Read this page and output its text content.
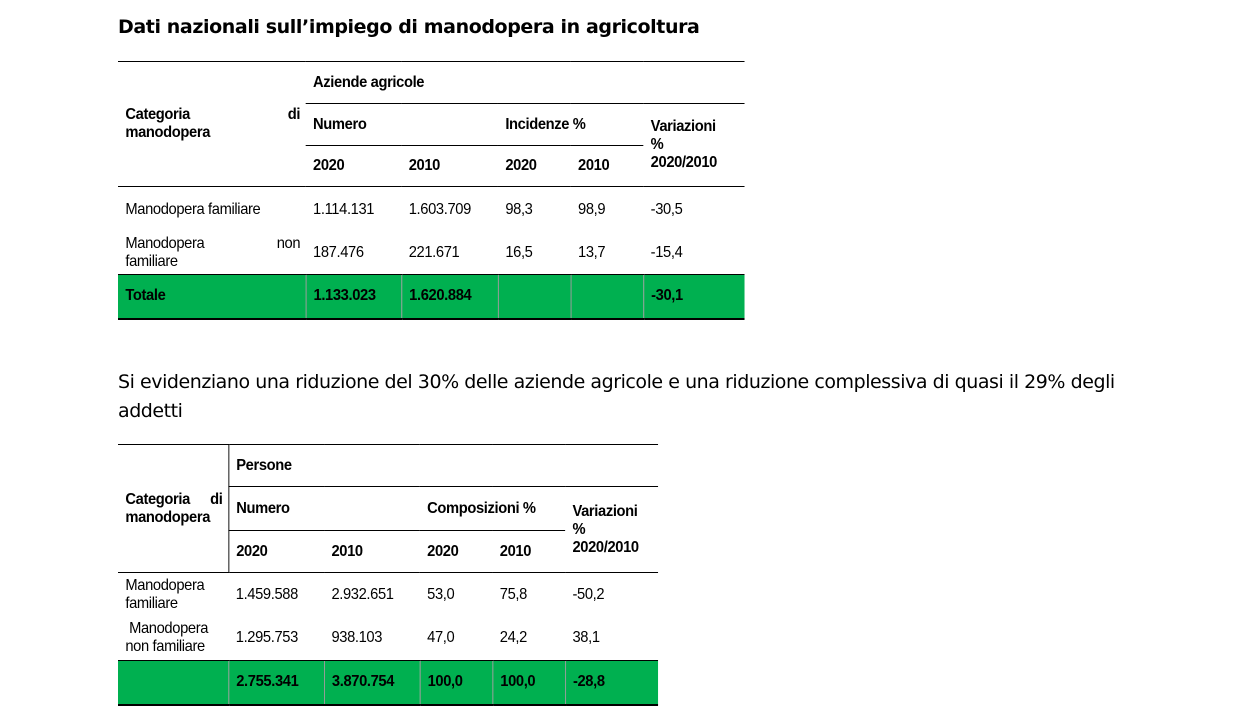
Dati nazionali sull’impiego di manodopera in agricoltura
Categoria di
manodopera	Aziende agricole				
	Numero		Incidenze %		Variazioni
%
2020/2010

	2020	2010	2020	2010	
Manodopera familiare	1.114.131	1.603.709	98,3	98,9	-30,5

Manodopera non
familiare	187.476	221.671	16,5	13,7	-15,4
Totale	1.133.023	1.620.884			-30,1
Si evidenziano una riduzione del 30% delle aziende agricole e una riduzione complessiva di quasi il 29% degli addetti
Categoria di
manodopera	Persone				
	Numero		Composizioni %		Variazioni
%
2020/2010

	2020	2010	2020	2010	

Manodopera
familiare	1.459.588	2.932.651	53,0	75,8	-50,2

Manodopera
non familiare	1.295.753	938.103	47,0	24,2	38,1
	2.755.341	3.870.754	100,0	100,0	-28,8
